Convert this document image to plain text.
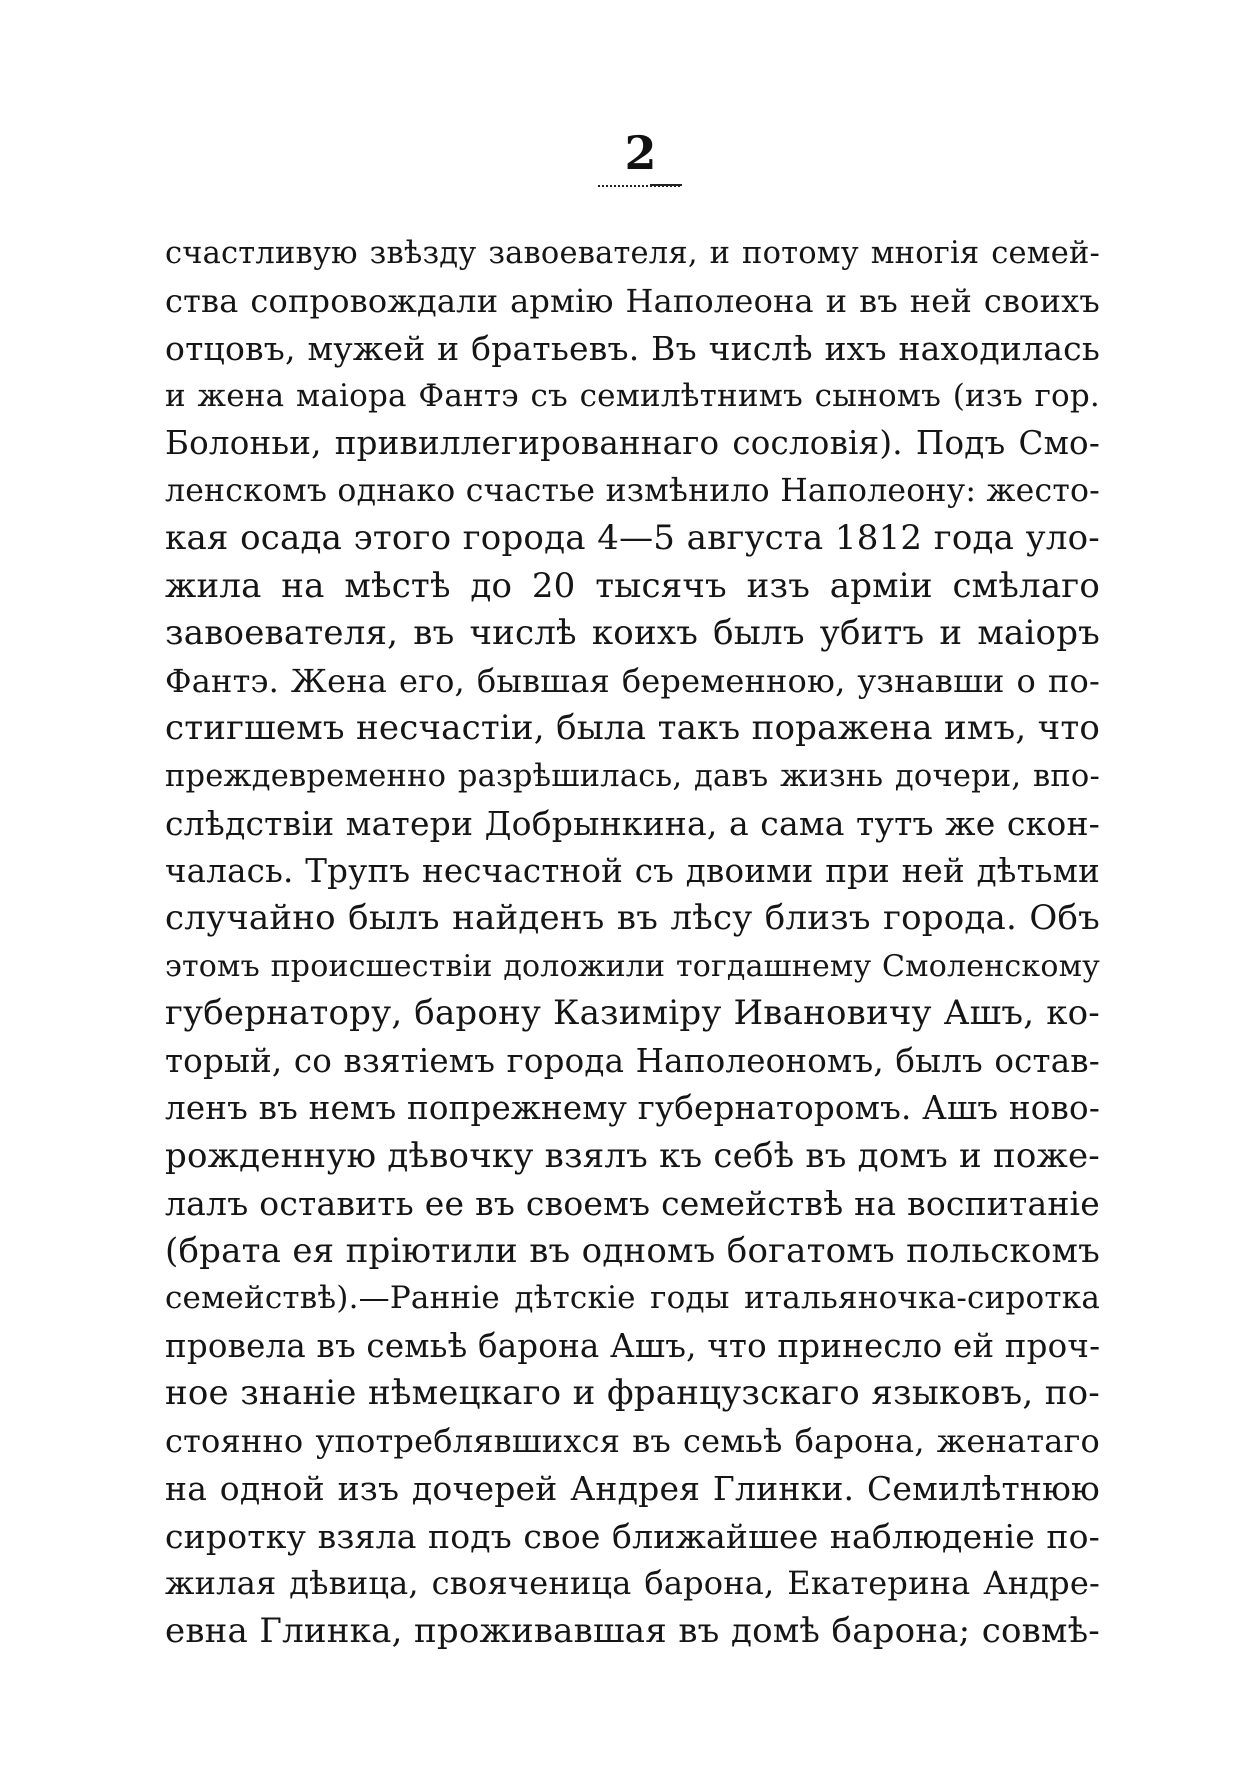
2
счастливую звѣзду завоевателя, и потому многія семей-
ства сопровождали армію Наполеона и въ ней своихъ
отцовъ, мужей и братьевъ. Въ числѣ ихъ находилась
и жена маіора Фантэ съ семилѣтнимъ сыномъ (изъ гор.
Болоньи, привиллегированнаго сословія). Подъ Смо-
ленскомъ однако счастье измѣнило Наполеону: жесто-
кая осада этого города 4—5 августа 1812 года уло-
жила на мѣстѣ до 20 тысячъ изъ арміи смѣлаго
завоевателя, въ числѣ коихъ былъ убитъ и маіоръ
Фантэ. Жена его, бывшая беременною, узнавши о по-
стигшемъ несчастіи, была такъ поражена имъ, что
преждевременно разрѣшилась, давъ жизнь дочери, впо-
слѣдствіи матери Добрынкина, а сама тутъ же скон-
чалась. Трупъ несчастной съ двоими при ней дѣтьми
случайно былъ найденъ въ лѣсу близъ города. Объ
этомъ происшествіи доложили тогдашнему Смоленскому
губернатору, барону Казиміру Ивановичу Ашъ, ко-
торый, со взятіемъ города Наполеономъ, былъ остав-
ленъ въ немъ попрежнему губернаторомъ. Ашъ ново-
рожденную дѣвочку взялъ къ себѣ въ домъ и поже-
лалъ оставить ее въ своемъ семействѣ на воспитаніе
(брата ея пріютили въ одномъ богатомъ польскомъ
семействѣ).—Ранніе дѣтскіе годы итальяночка-сиротка
провела въ семьѣ барона Ашъ, что принесло ей проч-
ное знаніе нѣмецкаго и французскаго языковъ, по-
стоянно употреблявшихся въ семьѣ барона, женатаго
на одной изъ дочерей Андрея Глинки. Семилѣтнюю
сиротку взяла подъ свое ближайшее наблюденіе по-
жилая дѣвица, свояченица барона, Екатерина Андре-
евна Глинка, проживавшая въ домѣ барона; совмѣ-
